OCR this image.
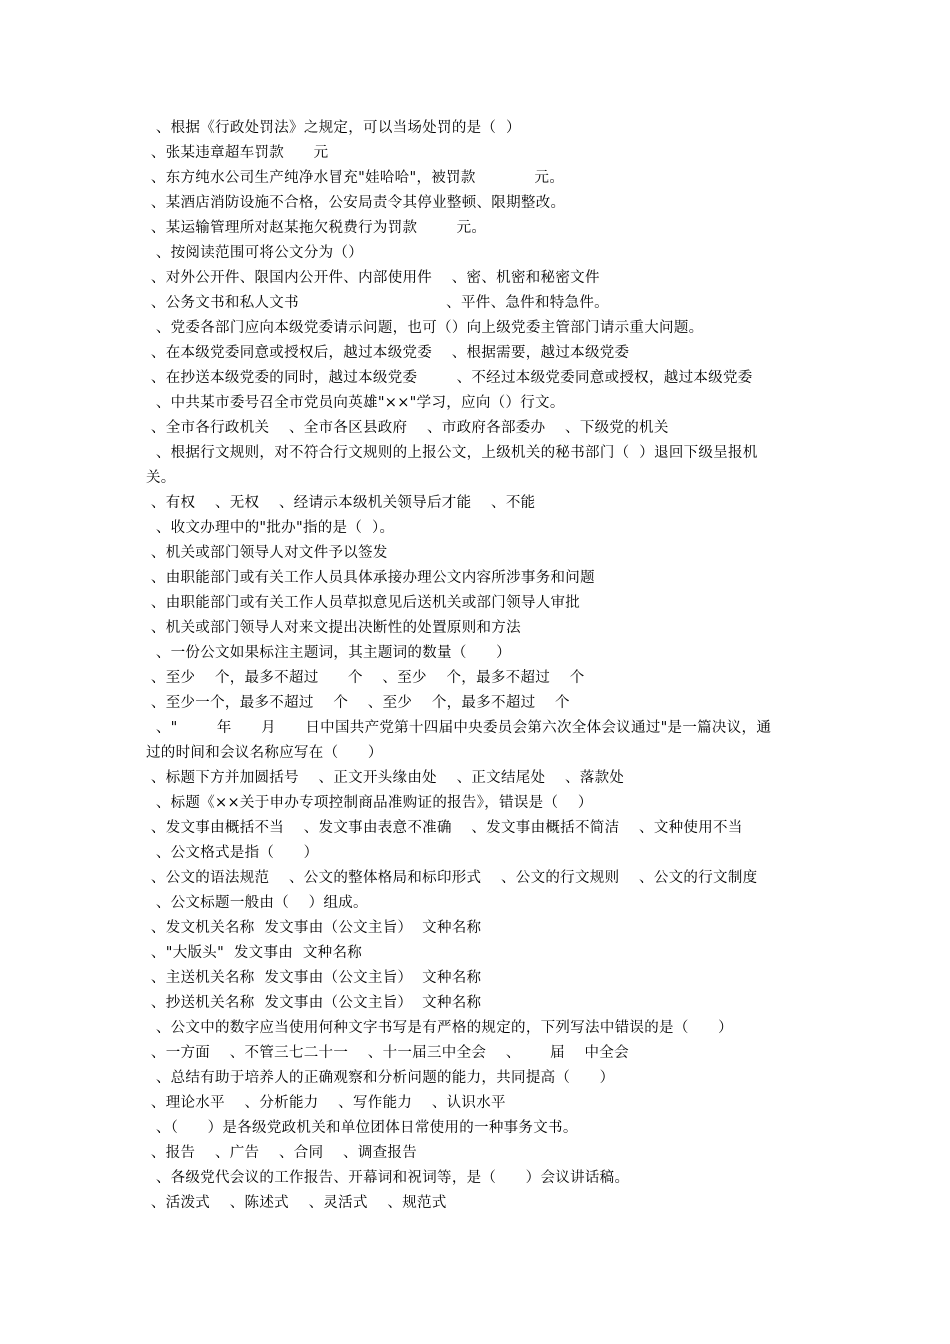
、根据《行政处罚法》之规定，可以当场处罚的是（  ）
、张某违章超车罚款      元
、东方纯水公司生产纯净水冒充"娃哈哈"，被罚款            元。
、某酒店消防设施不合格，公安局责令其停业整顿、限期整改。
、某运输管理所对赵某拖欠税费行为罚款        元。
、按阅读范围可将公文分为（）
、对外公开件、限国内公开件、内部使用件    、密、机密和秘密文件
、公务文书和私人文书                              、平件、急件和特急件。
、党委各部门应向本级党委请示问题，也可（）向上级党委主管部门请示重大问题。
、在本级党委同意或授权后，越过本级党委    、根据需要，越过本级党委
、在抄送本级党委的同时，越过本级党委        、不经过本级党委同意或授权，越过本级党委
、中共某市委号召全市党员向英雄"××"学习，应向（）行文。
、全市各行政机关    、全市各区县政府    、市政府各部委办    、下级党的机关
、根据行文规则，对不符合行文规则的上报公文，上级机关的秘书部门（  ）退回下级呈报机
关。
、有权    、无权    、经请示本级机关领导后才能    、不能
、收文办理中的"批办"指的是（  ）。
、机关或部门领导人对文件予以签发
、由职能部门或有关工作人员具体承接办理公文内容所涉事务和问题
、由职能部门或有关工作人员草拟意见后送机关或部门领导人审批
、机关或部门领导人对来文提出决断性的处置原则和方法
、一份公文如果标注主题词，其主题词的数量（      ）
、至少    个，最多不超过      个    、至少    个，最多不超过    个
、至少一个，最多不超过    个    、至少    个，最多不超过    个
、"        年      月      日中国共产党第十四届中央委员会第六次全体会议通过"是一篇决议，通
过的时间和会议名称应写在（      ）
、标题下方并加圆括号    、正文开头缘由处    、正文结尾处    、落款处
、标题《××关于申办专项控制商品准购证的报告》，错误是（    ）
、发文事由概括不当    、发文事由表意不准确    、发文事由概括不简洁    、文种使用不当
、公文格式是指（      ）
、公文的语法规范    、公文的整体格局和标印形式    、公文的行文规则    、公文的行文制度
、公文标题一般由（    ）组成。
、发文机关名称  发文事由（公文主旨）  文种名称
、"大版头"  发文事由  文种名称
、主送机关名称  发文事由（公文主旨）  文种名称
、抄送机关名称  发文事由（公文主旨）  文种名称
、公文中的数字应当使用何种文字书写是有严格的规定的，下列写法中错误的是（      ）
、一方面    、不管三七二十一    、十一届三中全会    、      届    中全会
、总结有助于培养人的正确观察和分析问题的能力，共同提高（      ）
、理论水平    、分析能力    、写作能力    、认识水平
、（      ）是各级党政机关和单位团体日常使用的一种事务文书。
、报告    、广告    、合同    、调查报告
、各级党代会议的工作报告、开幕词和祝词等，是（      ）会议讲话稿。
、活泼式    、陈述式    、灵活式    、规范式
